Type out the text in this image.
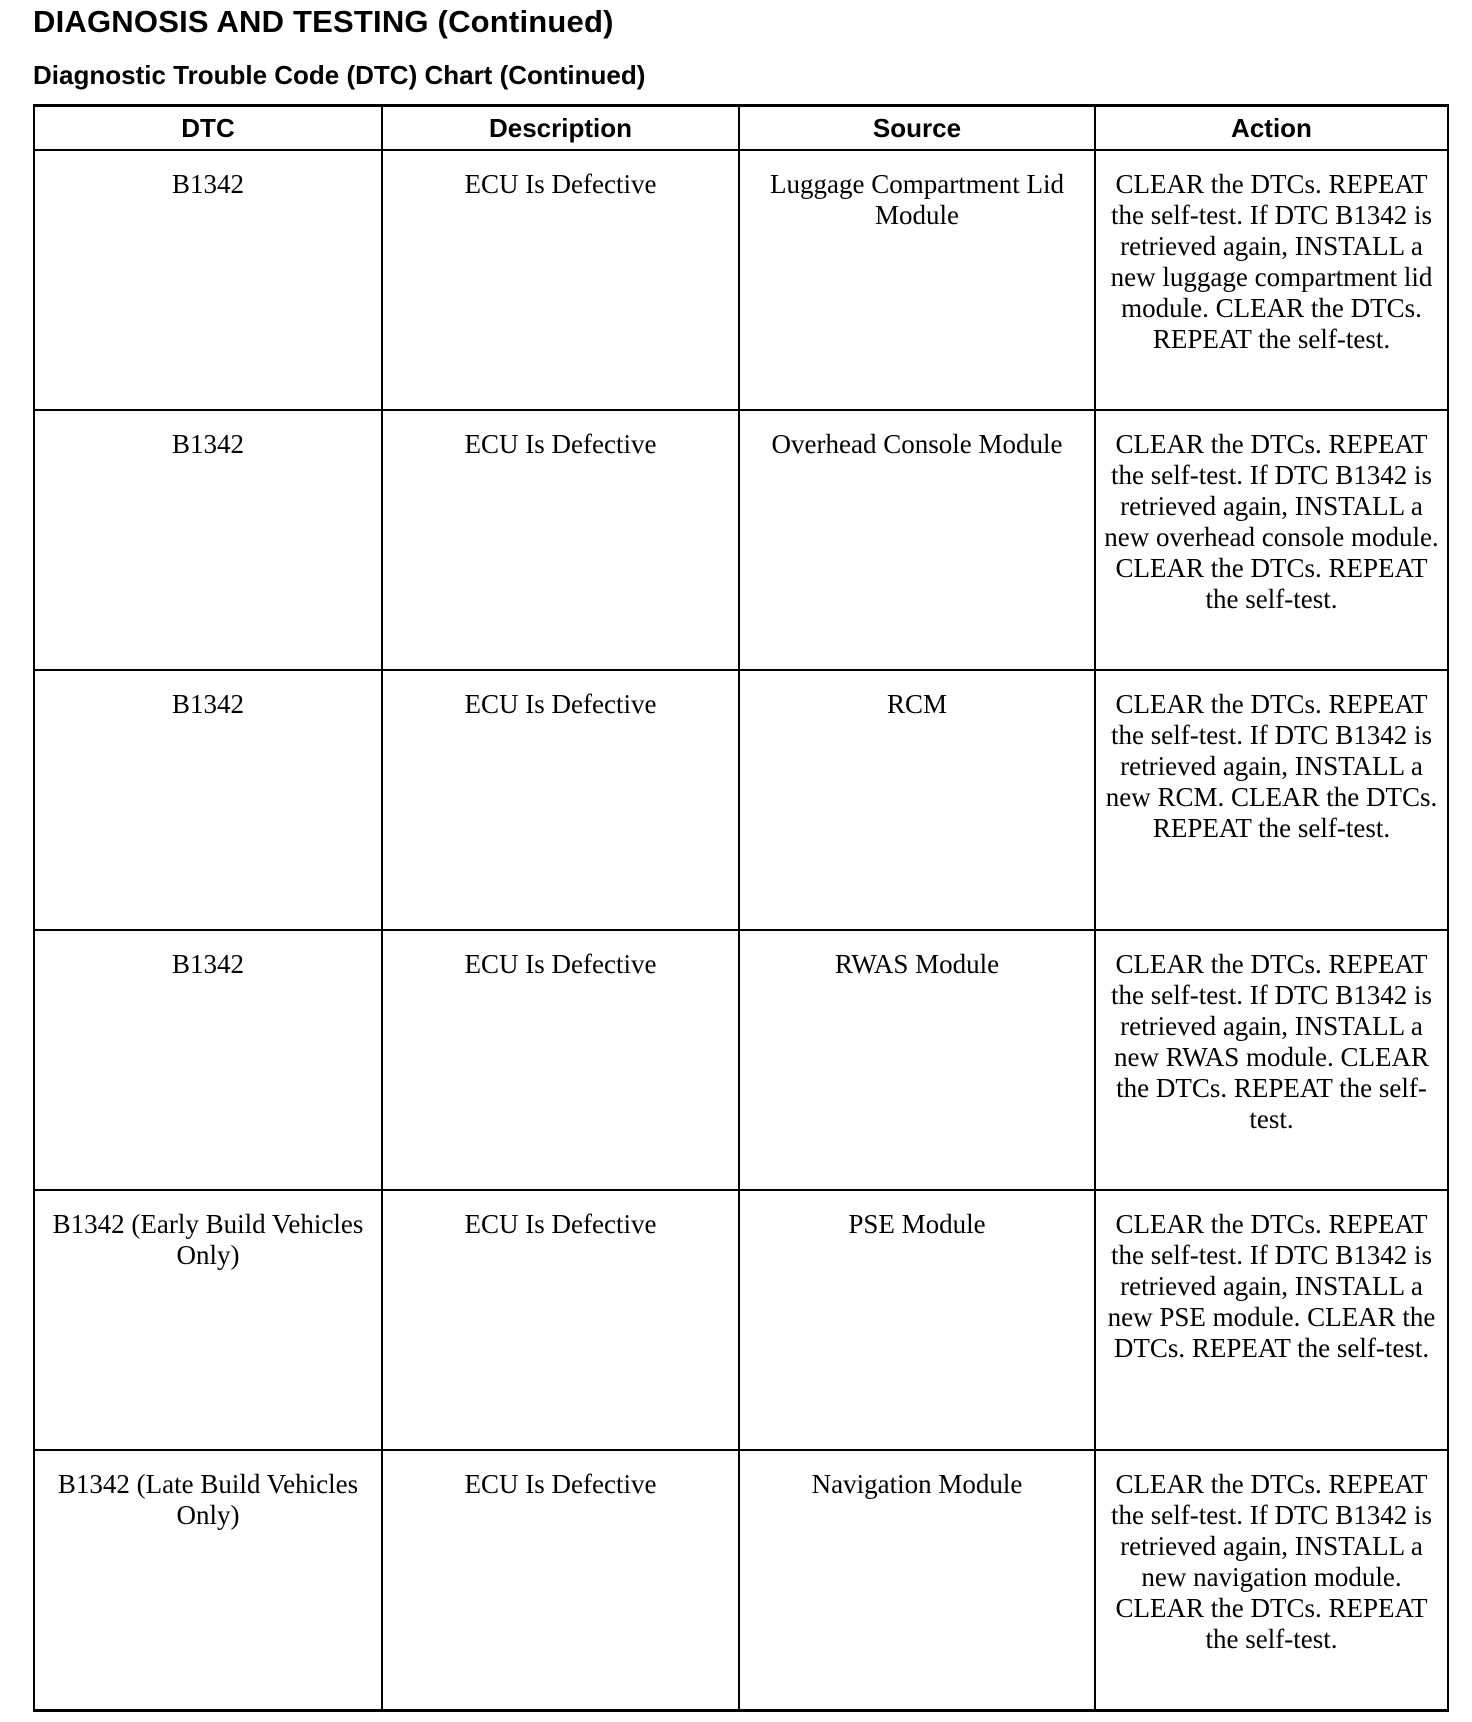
DIAGNOSIS AND TESTING (Continued)
Diagnostic Trouble Code (DTC) Chart (Continued)
DTC	Description	Source	Action
B1342	ECU Is Defective	Luggage Compartment Lid Module	CLEAR the DTCs. REPEAT the self-test. If DTC B1342 is retrieved again, INSTALL a new luggage compartment lid module. CLEAR the DTCs. REPEAT the self-test.
B1342	ECU Is Defective	Overhead Console Module	CLEAR the DTCs. REPEAT the self-test. If DTC B1342 is retrieved again, INSTALL a new overhead console module. CLEAR the DTCs. REPEAT the self-test.
B1342	ECU Is Defective	RCM	CLEAR the DTCs. REPEAT the self-test. If DTC B1342 is retrieved again, INSTALL a new RCM. CLEAR the DTCs. REPEAT the self-test.
B1342	ECU Is Defective	RWAS Module	CLEAR the DTCs. REPEAT the self-test. If DTC B1342 is retrieved again, INSTALL a new RWAS module. CLEAR the DTCs. REPEAT the self-test.
B1342 (Early Build Vehicles Only)	ECU Is Defective	PSE Module	CLEAR the DTCs. REPEAT the self-test. If DTC B1342 is retrieved again, INSTALL a new PSE module. CLEAR the DTCs. REPEAT the self-test.
B1342 (Late Build Vehicles Only)	ECU Is Defective	Navigation Module	CLEAR the DTCs. REPEAT the self-test. If DTC B1342 is retrieved again, INSTALL a new navigation module. CLEAR the DTCs. REPEAT the self-test.
